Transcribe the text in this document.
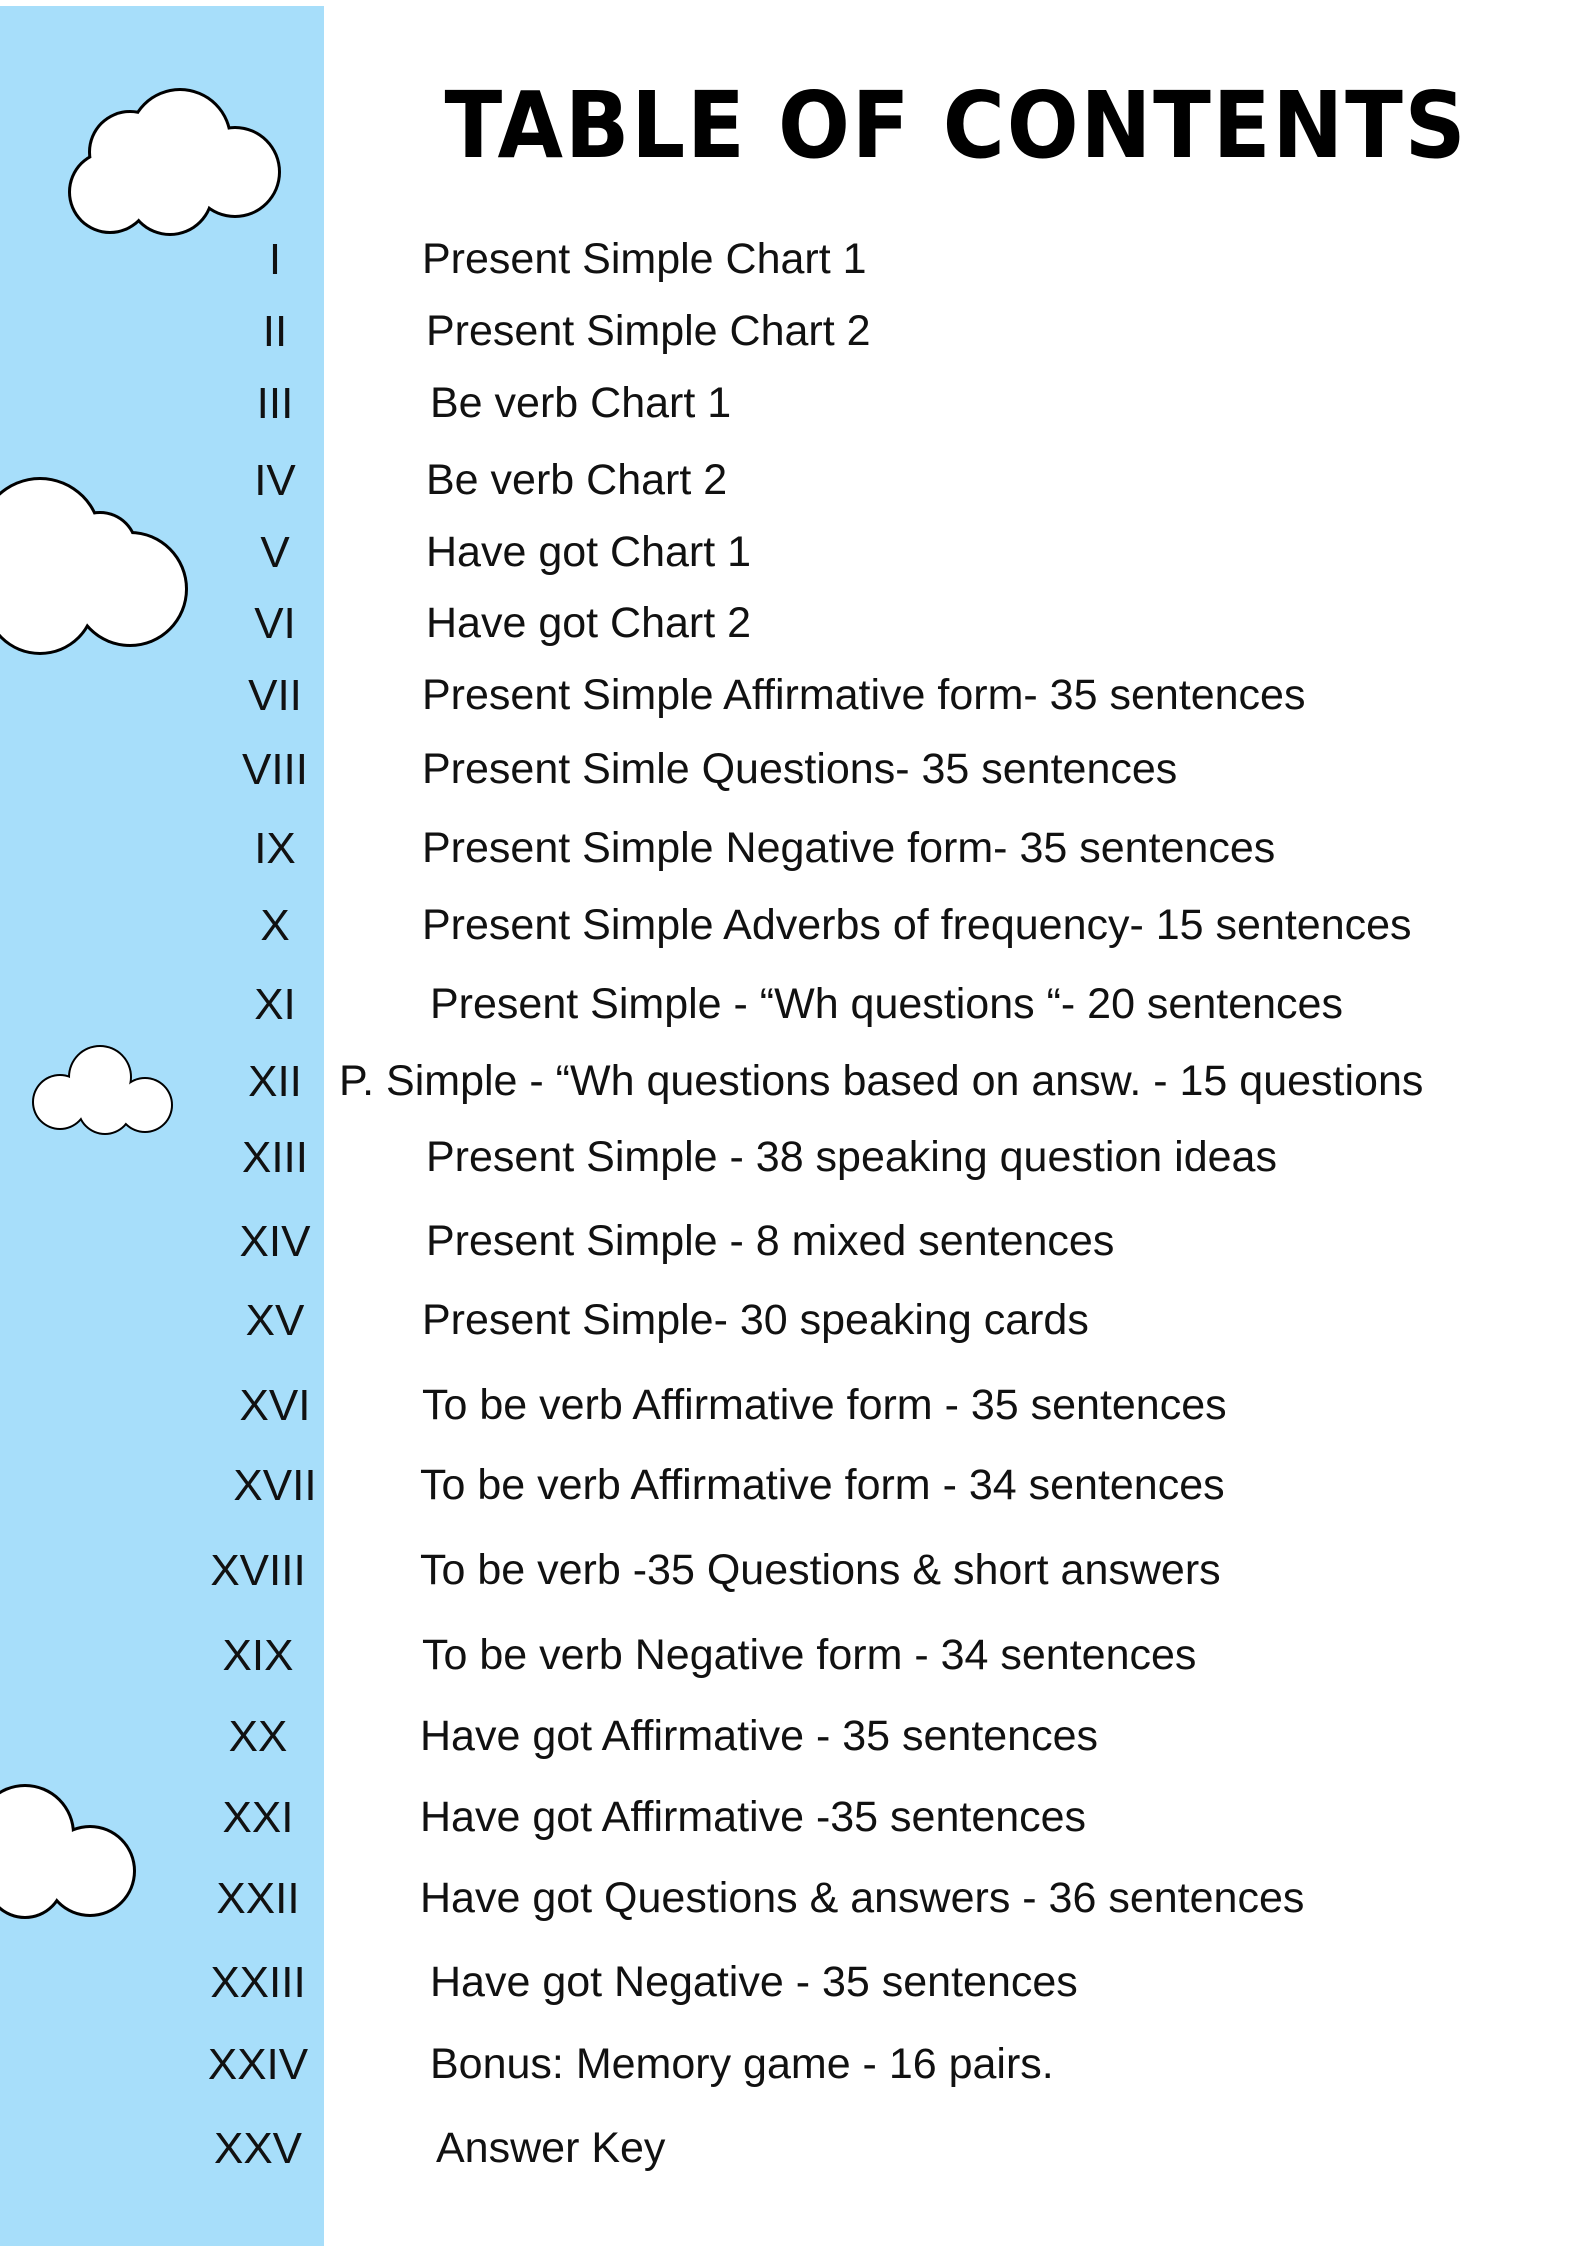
TABLE OF CONTENTS
I	Present Simple Chart 1
II	Present Simple Chart 2
III	Be verb Chart 1
IV	Be verb Chart 2
V	Have got Chart 1
VI	Have got Chart 2
VII	Present Simple Affirmative form- 35 sentences
VIII	Present Simle Questions- 35 sentences
IX	Present Simple Negative form- 35 sentences
X	Present Simple Adverbs of frequency- 15 sentences
XI	Present Simple - “Wh questions “- 20 sentences
XII P. Simple - “Wh questions based on answ. - 15 questions
XIII	Present Simple - 38 speaking question ideas
XIV	Present Simple - 8 mixed sentences
XV	Present Simple- 30 speaking cards
XVI	To be verb Affirmative form - 35 sentences
XVII	To be verb Affirmative form - 34 sentences
XVIII	To be verb -35 Questions & short answers
XIX	To be verb Negative form - 34 sentences
XX	Have got Affirmative - 35 sentences
XXI	Have got Affirmative -35 sentences
XXII	Have got Questions & answers - 36 sentences
XXIII	Have got Negative - 35 sentences
XXIV	Bonus: Memory game - 16 pairs.
XXV	Answer Key
